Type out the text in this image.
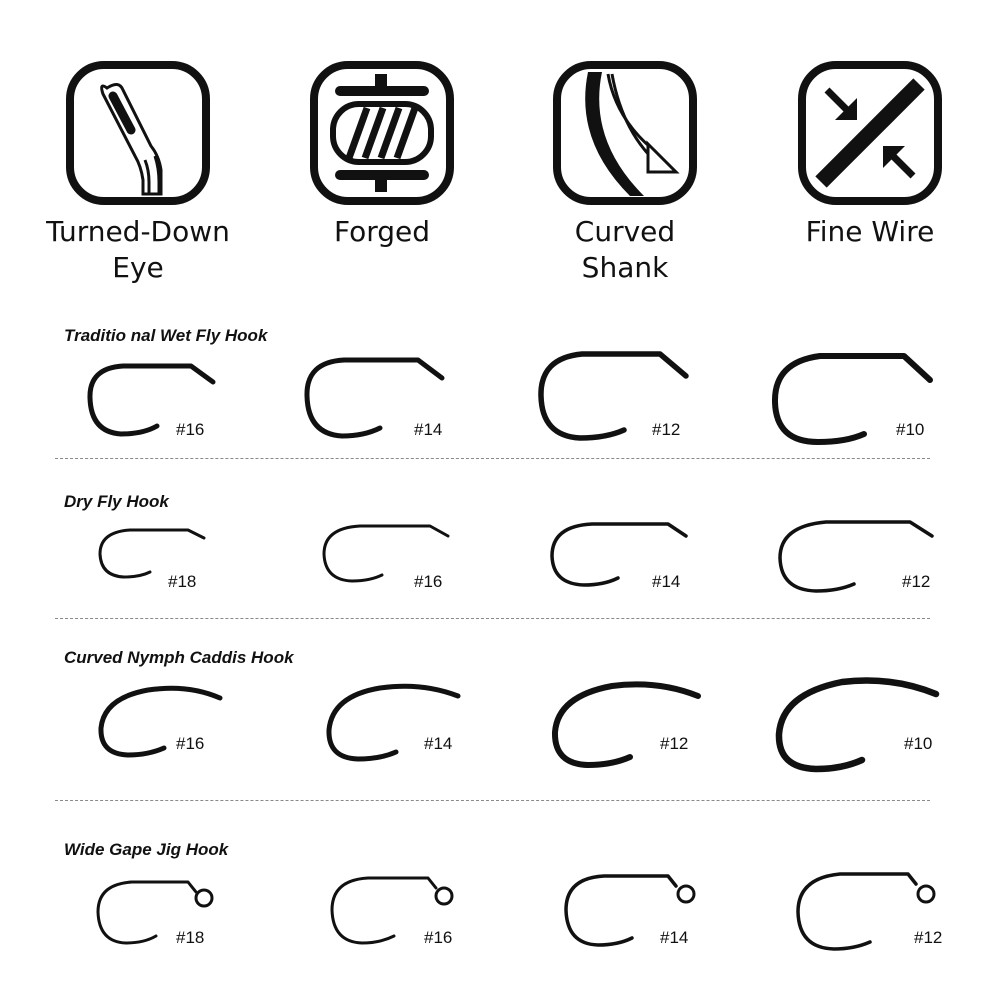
Turned-Down
Eye
Forged	Curved
Shank
Fine Wire
Traditio nal Wet Fly Hook
Dry Fly Hook
Curved Nymph Caddis Hook
Wide Gape Jig Hook
#16	#14	#12	#10
#18	#16	#14	#12
#16	#14	#12	#10
#18	#16	#14	#12
